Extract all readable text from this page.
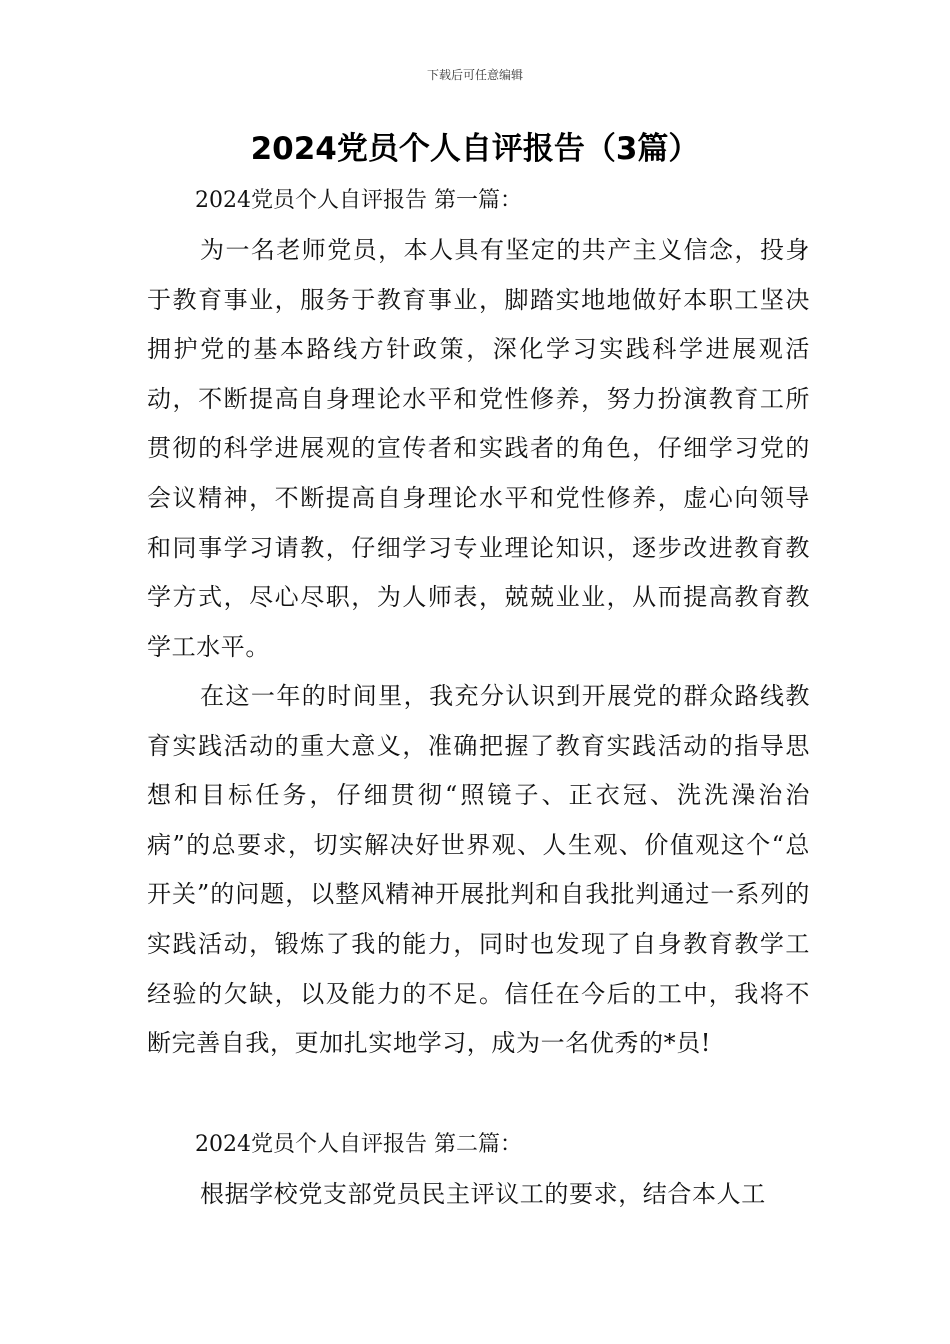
下载后可任意编辑
2024党员个人自评报告（3篇）

2024党员个人自评报告 第一篇：

为一名老师党员，本人具有坚定的共产主义信念，投身于教育事业，服务于教育事业，脚踏实地地做好本职工坚决拥护党的基本路线方针政策，深化学习实践科学进展观活动，不断提高自身理论水平和党性修养，努力扮演教育工所贯彻的科学进展观的宣传者和实践者的角色，仔细学习党的会议精神，不断提高自身理论水平和党性修养，虚心向领导和同事学习请教，仔细学习专业理论知识，逐步改进教育教学方式，尽心尽职，为人师表，兢兢业业，从而提高教育教学工水平。

在这一年的时间里，我充分认识到开展党的群众路线教育实践活动的重大意义，准确把握了教育实践活动的指导思想和目标任务，仔细贯彻“照镜子、正衣冠、洗洗澡治治病”的总要求，切实解决好世界观、人生观、价值观这个“总开关”的问题，以整风精神开展批判和自我批判通过一系列的实践活动，锻炼了我的能力，同时也发现了自身教育教学工经验的欠缺，以及能力的不足。信任在今后的工中，我将不断完善自我，更加扎实地学习，成为一名优秀的*员!

2024党员个人自评报告 第二篇：

根据学校党支部党员民主评议工的要求，结合本人工
